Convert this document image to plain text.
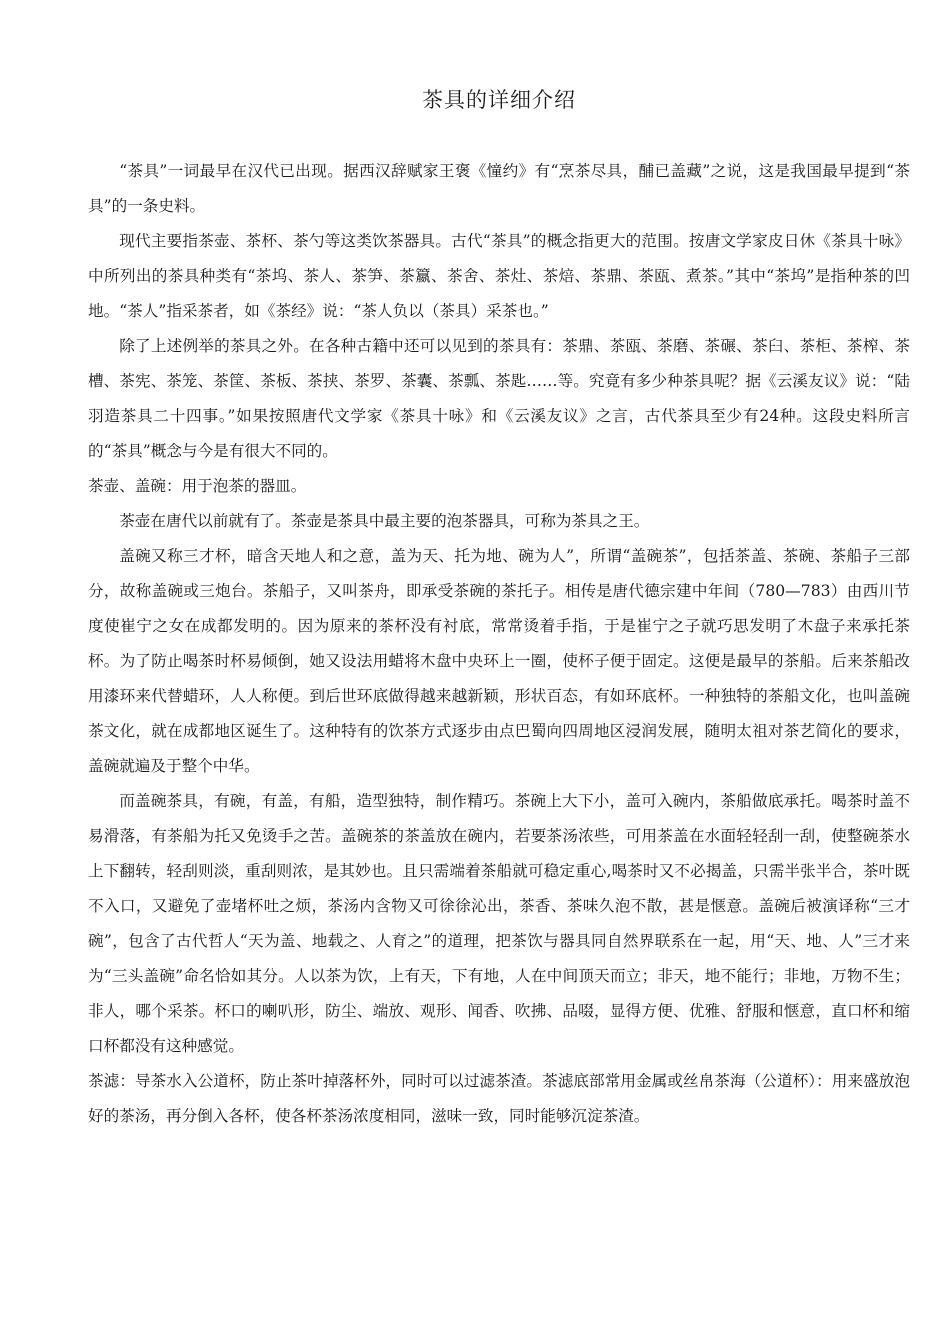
茶具的详细介绍

“茶具”一词最早在汉代已出现。据西汉辞赋家王褒《憧约》有“烹茶尽具，酺已盖藏”之说，这是我国最早提到“茶具”的一条史料。

现代主要指茶壶、茶杯、茶勺等这类饮茶器具。古代“茶具”的概念指更大的范围。按唐文学家皮日休《茶具十咏》中所列出的茶具种类有“茶坞、茶人、茶笋、茶籝、茶舍、茶灶、茶焙、茶鼎、茶瓯、煮茶。”其中“茶坞”是指种茶的凹地。“茶人”指采茶者，如《茶经》说：“茶人负以（茶具）采茶也。”

除了上述例举的茶具之外。在各种古籍中还可以见到的茶具有：茶鼎、茶瓯、茶磨、茶碾、茶臼、茶柜、茶榨、茶槽、茶宪、茶笼、茶筐、茶板、茶挟、茶罗、茶囊、茶瓢、茶匙……等。究竟有多少种茶具呢？据《云溪友议》说：“陆羽造茶具二十四事。”如果按照唐代文学家《茶具十咏》和《云溪友议》之言，古代茶具至少有24种。这段史料所言的“茶具”概念与今是有很大不同的。

茶壶、盖碗：用于泡茶的器皿。

茶壶在唐代以前就有了。茶壶是茶具中最主要的泡茶器具，可称为茶具之王。

盖碗又称三才杯，暗含天地人和之意，盖为天、托为地、碗为人”，所谓“盖碗茶”，包括茶盖、茶碗、茶船子三部分，故称盖碗或三炮台。茶船子，又叫茶舟，即承受茶碗的茶托子。相传是唐代德宗建中年间（780—783）由西川节度使崔宁之女在成都发明的。因为原来的茶杯没有衬底，常常烫着手指，于是崔宁之子就巧思发明了木盘子来承托茶杯。为了防止喝茶时杯易倾倒，她又设法用蜡将木盘中央环上一圈，使杯子便于固定。这便是最早的茶船。后来茶船改用漆环来代替蜡环，人人称便。到后世环底做得越来越新颖，形状百态，有如环底杯。一种独特的茶船文化，也叫盖碗茶文化，就在成都地区诞生了。这种特有的饮茶方式逐步由点巴蜀向四周地区浸润发展，随明太祖对茶艺简化的要求，盖碗就遍及于整个中华。

而盖碗茶具，有碗，有盖，有船，造型独特，制作精巧。茶碗上大下小，盖可入碗内，茶船做底承托。喝茶时盖不易滑落，有茶船为托又免烫手之苦。盖碗茶的茶盖放在碗内，若要茶汤浓些，可用茶盖在水面轻轻刮一刮，使整碗茶水上下翻转，轻刮则淡，重刮则浓，是其妙也。且只需端着茶船就可稳定重心,喝茶时又不必揭盖，只需半张半合，茶叶既不入口，又避免了壶堵杯吐之烦，茶汤内含物又可徐徐沁出，茶香、茶味久泡不散，甚是惬意。盖碗后被演译称“三才碗”，包含了古代哲人“天为盖、地载之、人育之”的道理，把茶饮与器具同自然界联系在一起，用“天、地、人”三才来为“三头盖碗”命名恰如其分。人以茶为饮，上有天，下有地，人在中间顶天而立；非天，地不能行；非地，万物不生；非人，哪个采茶。杯口的喇叭形，防尘、端放、观形、闻香、吹拂、品啜，显得方便、优雅、舒服和惬意，直口杯和缩口杯都没有这种感觉。

茶滤：导茶水入公道杯，防止茶叶掉落杯外，同时可以过滤茶渣。茶滤底部常用金属或丝帛茶海（公道杯）：用来盛放泡好的茶汤，再分倒入各杯，使各杯茶汤浓度相同，滋味一致，同时能够沉淀茶渣。
